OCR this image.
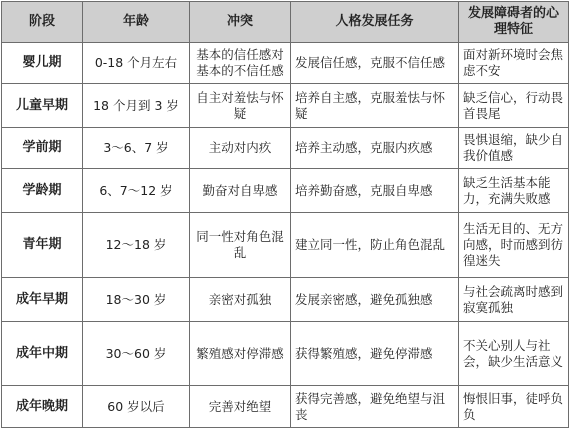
阶段	年龄	冲突	人格发展任务	发展障碍者的心理特征
婴儿期	0-18 个月左右	基本的信任感对基本的不信任感	发展信任感，克服不信任感	面对新环境时会焦虑不安
儿童早期	18 个月到 3 岁	自主对羞怯与怀疑	培养自主感，克服羞怯与怀疑	缺乏信心，行动畏首畏尾
学前期	3～6、7 岁	主动对内疚	培养主动感，克服内疚感	畏惧退缩，缺少自我价值感
学龄期	6、7～12 岁	勤奋对自卑感	培养勤奋感，克服自卑感	缺乏生活基本能力，充满失败感
青年期	12～18 岁	同一性对角色混乱	建立同一性，防止角色混乱	生活无目的、无方向感，时而感到彷徨迷失
成年早期	18～30 岁	亲密对孤独	发展亲密感，避免孤独感	与社会疏离时感到寂寞孤独
成年中期	30～60 岁	繁殖感对停滞感	获得繁殖感，避免停滞感	不关心别人与社会，缺少生活意义
成年晚期	60 岁以后	完善对绝望	获得完善感，避免绝望与沮丧	悔恨旧事，徒呼负负
